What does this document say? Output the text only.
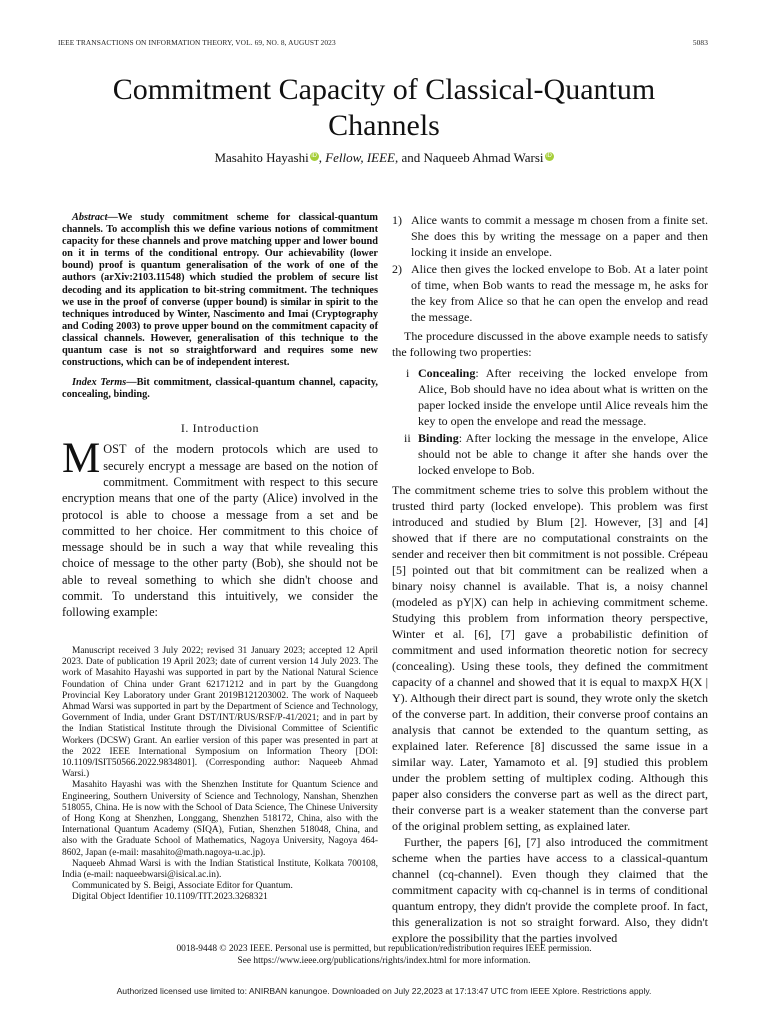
IEEE TRANSACTIONS ON INFORMATION THEORY, VOL. 69, NO. 8, AUGUST 2023	5083
Commitment Capacity of Classical-Quantum Channels
Masahito Hayashi iD , Fellow, IEEE, and Naqueeb Ahmad Warsi iD
Abstract—We study commitment scheme for classical-quantum channels. To accomplish this we define various notions of commitment capacity for these channels and prove matching upper and lower bound on it in terms of the conditional entropy. Our achievability (lower bound) proof is quantum generalisation of the work of one of the authors (arXiv:2103.11548) which studied the problem of secure list decoding and its application to bit-string commitment. The techniques we use in the proof of converse (upper bound) is similar in spirit to the techniques introduced by Winter, Nascimento and Imai (Cryptography and Coding 2003) to prove upper bound on the commitment capacity of classical channels. However, generalisation of this technique to the quantum case is not so straightforward and requires some new constructions, which can be of independent interest.
Index Terms—Bit commitment, classical-quantum channel, capacity, concealing, binding.
I. Introduction
MOST of the modern protocols which are used to securely encrypt a message are based on the notion of commitment. Commitment with respect to this secure encryption means that one of the party (Alice) involved in the protocol is able to choose a message from a set and be committed to her choice. Her commitment to this choice of message should be in such a way that while revealing this choice of message to the other party (Bob), she should not be able to reveal something to which she didn't choose and commit. To understand this intuitively, we consider the following example:

Manuscript received 3 July 2022; revised 31 January 2023; accepted 12 April 2023. Date of publication 19 April 2023; date of current version 14 July 2023. The work of Masahito Hayashi was supported in part by the National Natural Science Foundation of China under Grant 62171212 and in part by the Guangdong Provincial Key Laboratory under Grant 2019B121203002. The work of Naqueeb Ahmad Warsi was supported in part by the Department of Science and Technology, Government of India, under Grant DST/INT/RUS/RSF/P-41/2021; and in part by the Indian Statistical Institute through the Divisional Committee of Scientific Workers (DCSW) Grant. An earlier version of this paper was presented in part at the 2022 IEEE International Symposium on Information Theory [DOI: 10.1109/ISIT50566.2022.9834801]. (Corresponding author: Naqueeb Ahmad Warsi.)

Masahito Hayashi was with the Shenzhen Institute for Quantum Science and Engineering, Southern University of Science and Technology, Nanshan, Shenzhen 518055, China. He is now with the School of Data Science, The Chinese University of Hong Kong at Shenzhen, Longgang, Shenzhen 518172, China, also with the International Quantum Academy (SIQA), Futian, Shenzhen 518048, China, and also with the Graduate School of Mathematics, Nagoya University, Nagoya 464-8602, Japan (e-mail: masahito@math.nagoya-u.ac.jp).

Naqueeb Ahmad Warsi is with the Indian Statistical Institute, Kolkata 700108, India (e-mail: naqueebwarsi@isical.ac.in).

Communicated by S. Beigi, Associate Editor for Quantum.

Digital Object Identifier 10.1109/TIT.2023.3268321

1) Alice wants to commit a message m chosen from a finite set. She does this by writing the message on a paper and then locking it inside an envelope.
2) Alice then gives the locked envelope to Bob. At a later point of time, when Bob wants to read the message m, he asks for the key from Alice so that he can open the envelop and read the message.

The procedure discussed in the above example needs to satisfy the following two properties:

i Concealing: After receiving the locked envelope from Alice, Bob should have no idea about what is written on the paper locked inside the envelope until Alice reveals him the key to open the envelope and read the message.
ii Binding: After locking the message in the envelope, Alice should not be able to change it after she hands over the locked envelope to Bob.

The commitment scheme tries to solve this problem without the trusted third party (locked envelope). This problem was first introduced and studied by Blum [2]. However, [3] and [4] showed that if there are no computational constraints on the sender and receiver then bit commitment is not possible. Crépeau [5] pointed out that bit commitment can be realized when a binary noisy channel is available. That is, a noisy channel (modeled as pY|X) can help in achieving commitment scheme. Studying this problem from information theory perspective, Winter et al. [6], [7] gave a probabilistic definition of commitment and used information theoretic notion for secrecy (concealing). Using these tools, they defined the commitment capacity of a channel and showed that it is equal to maxpX H(X | Y). Although their direct part is sound, they wrote only the sketch of the converse part. In addition, their converse proof contains an analysis that cannot be extended to the quantum setting, as explained later. Reference [8] discussed the same issue in a similar way. Later, Yamamoto et al. [9] studied this problem under the problem setting of multiplex coding. Although this paper also considers the converse part as well as the direct part, their converse part is a weaker statement than the converse part of the original problem setting, as explained later.

Further, the papers [6], [7] also introduced the commitment scheme when the parties have access to a classical-quantum channel (cq-channel). Even though they claimed that the commitment capacity with cq-channel is in terms of conditional quantum entropy, they didn't provide the complete proof. In fact, this generalization is not so straight forward. Also, they didn't explore the possibility that the parties involved

0018-9448 © 2023 IEEE. Personal use is permitted, but republication/redistribution requires IEEE permission.
See https://www.ieee.org/publications/rights/index.html for more information.
Authorized licensed use limited to: ANIRBAN kanungoe. Downloaded on July 22,2023 at 17:13:47 UTC from IEEE Xplore. Restrictions apply.
